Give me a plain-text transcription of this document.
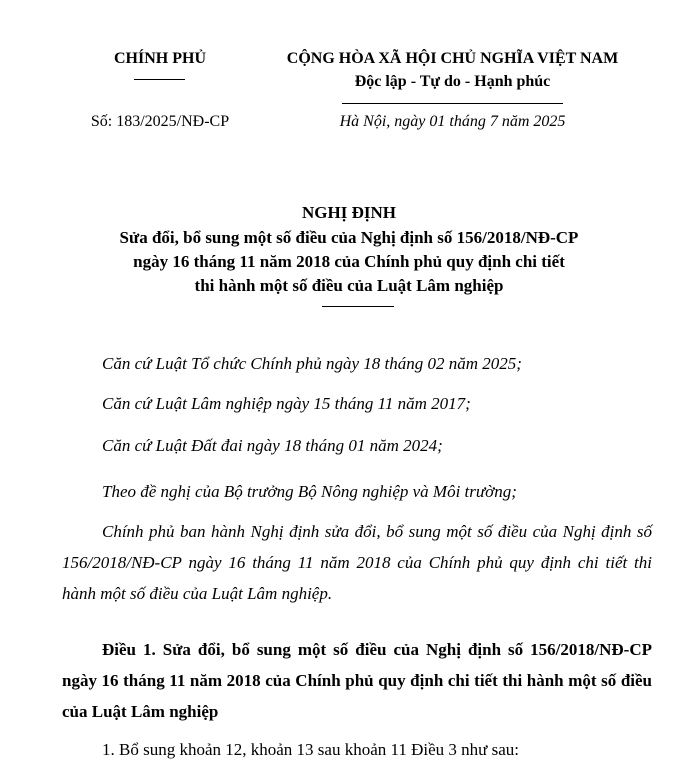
CHÍNH PHỦ
Số: 183/2025/NĐ-CP
CỘNG HÒA XÃ HỘI CHỦ NGHĨA VIỆT NAM
Độc lập - Tự do - Hạnh phúc
Hà Nội, ngày 01 tháng 7 năm 2025
NGHỊ ĐỊNH
Sửa đổi, bổ sung một số điều của Nghị định số 156/2018/NĐ-CP
ngày 16 tháng 11 năm 2018 của Chính phủ quy định chi tiết
thi hành một số điều của Luật Lâm nghiệp
Căn cứ Luật Tổ chức Chính phủ ngày 18 tháng 02 năm 2025;
Căn cứ Luật Lâm nghiệp ngày 15 tháng 11 năm 2017;
Căn cứ Luật Đất đai ngày 18 tháng 01 năm 2024;
Theo đề nghị của Bộ trưởng Bộ Nông nghiệp và Môi trường;
Chính phủ ban hành Nghị định sửa đổi, bổ sung một số điều của Nghị định số 156/2018/NĐ-CP ngày 16 tháng 11 năm 2018 của Chính phủ quy định chi tiết thi hành một số điều của Luật Lâm nghiệp.
Điều 1. Sửa đổi, bổ sung một số điều của Nghị định số 156/2018/NĐ-CP ngày 16 tháng 11 năm 2018 của Chính phủ quy định chi tiết thi hành một số điều của Luật Lâm nghiệp
1. Bổ sung khoản 12, khoản 13 sau khoản 11 Điều 3 như sau:
